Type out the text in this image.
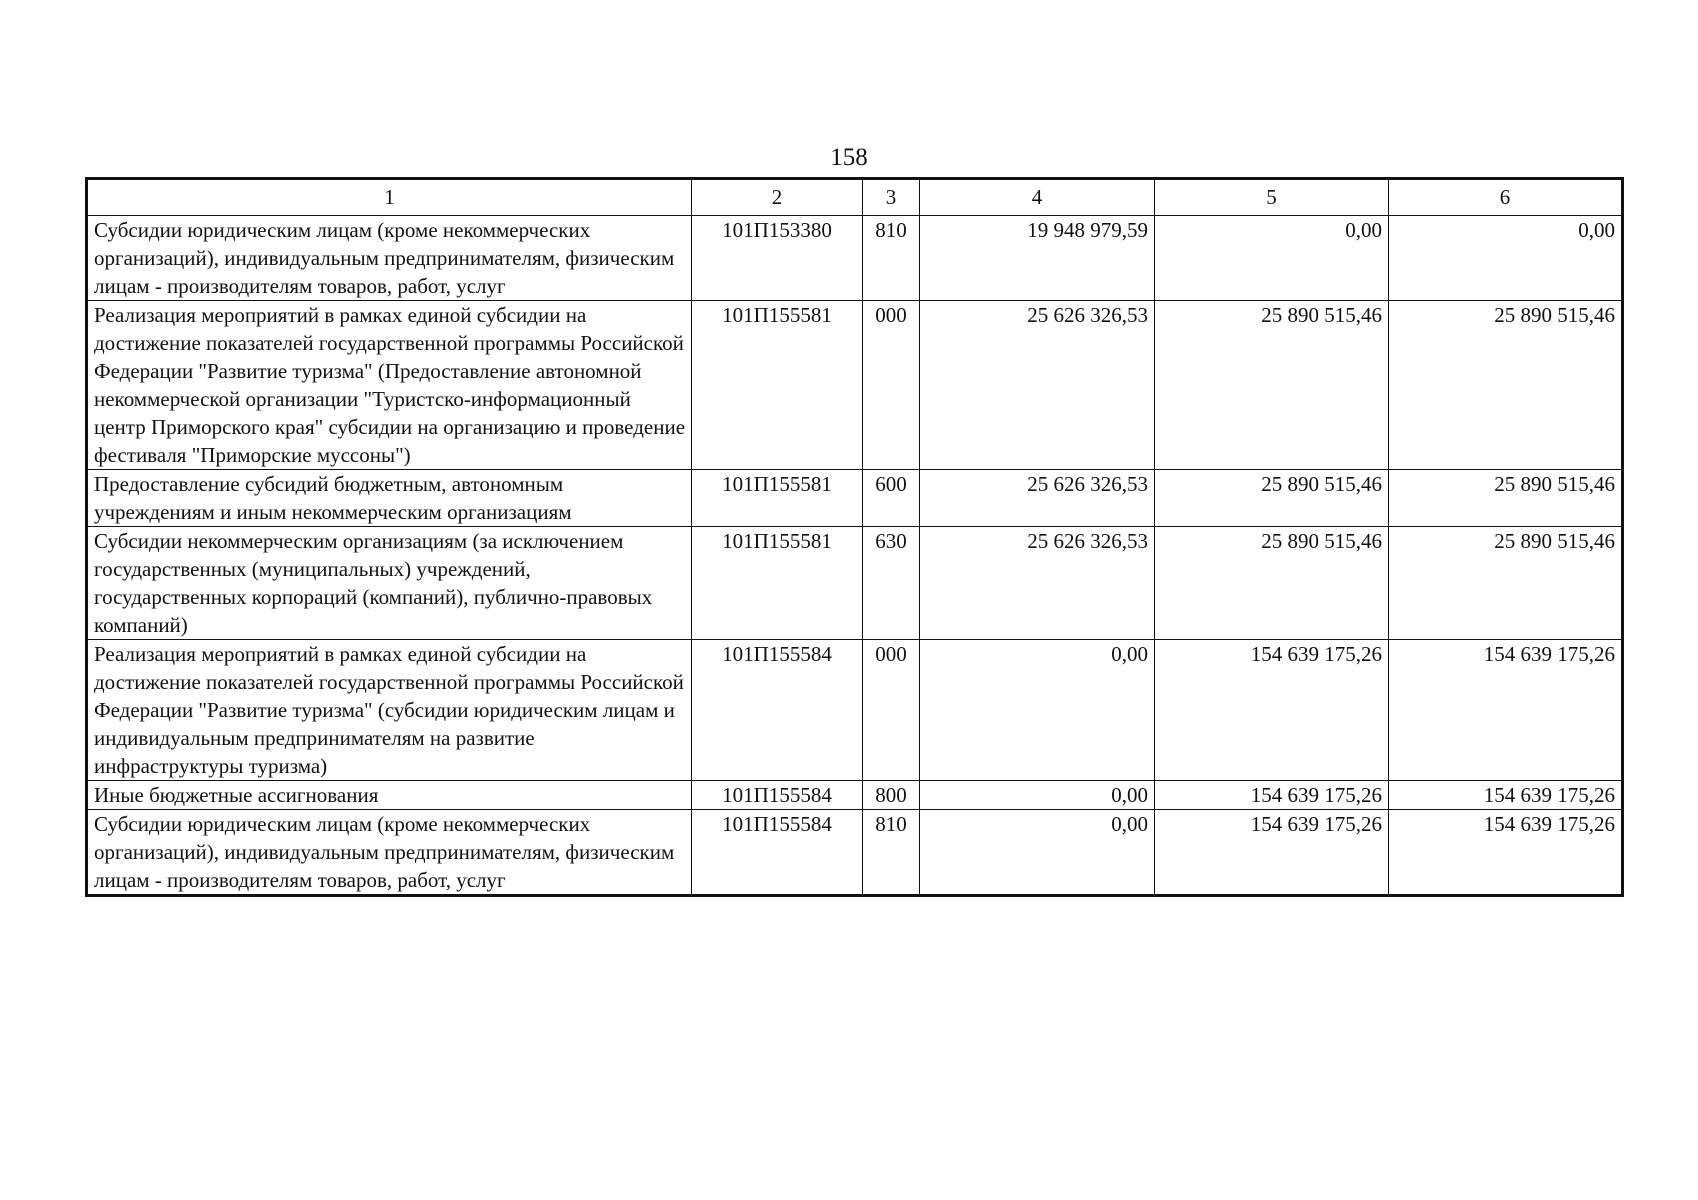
158
1	2	3	4	5	6
Субсидии юридическим лицам (кроме некоммерческих организаций), индивидуальным предпринимателям, физическим лицам - производителям товаров, работ, услуг	101П153380	810	19 948 979,59	0,00	0,00
Реализация мероприятий в рамках единой субсидии на достижение показателей государственной программы Российской Федерации "Развитие туризма" (Предоставление автономной некоммерческой организации "Туристско-информационный центр Приморского края" субсидии на организацию и проведение фестиваля "Приморские муссоны")	101П155581	000	25 626 326,53	25 890 515,46	25 890 515,46
Предоставление субсидий бюджетным, автономным учреждениям и иным некоммерческим организациям	101П155581	600	25 626 326,53	25 890 515,46	25 890 515,46
Субсидии некоммерческим организациям (за исключением государственных (муниципальных) учреждений, государственных корпораций (компаний), публично-правовых компаний)	101П155581	630	25 626 326,53	25 890 515,46	25 890 515,46
Реализация мероприятий в рамках единой субсидии на достижение показателей государственной программы Российской Федерации "Развитие туризма" (субсидии юридическим лицам и индивидуальным предпринимателям на развитие инфраструктуры туризма)	101П155584	000	0,00	154 639 175,26	154 639 175,26
Иные бюджетные ассигнования	101П155584	800	0,00	154 639 175,26	154 639 175,26
Субсидии юридическим лицам (кроме некоммерческих организаций), индивидуальным предпринимателям, физическим лицам - производителям товаров, работ, услуг	101П155584	810	0,00	154 639 175,26	154 639 175,26
